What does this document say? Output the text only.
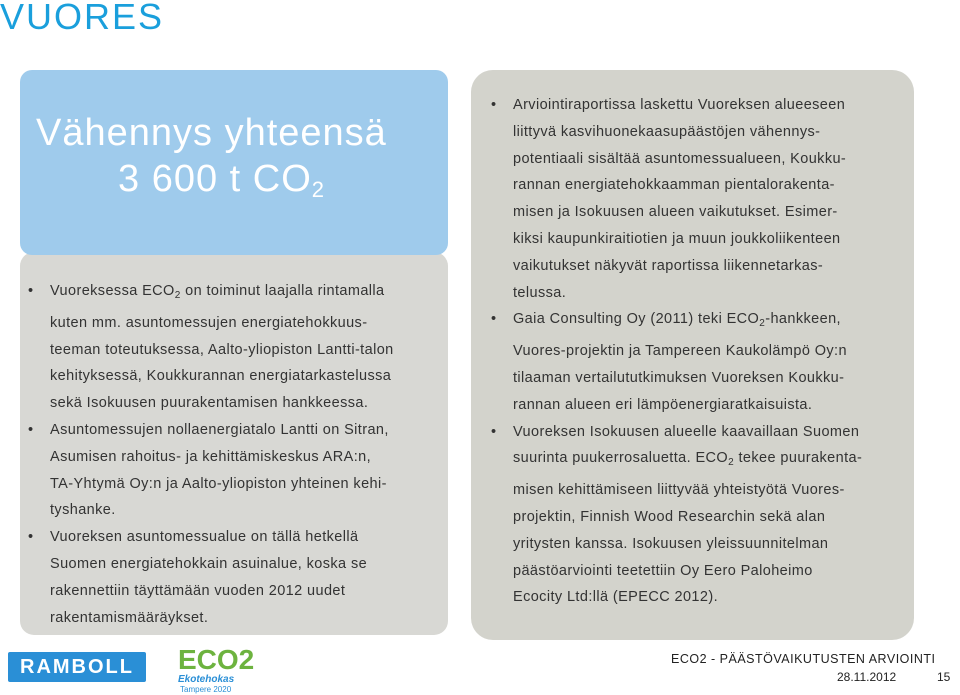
VUORES
Vähennys yhteensä
3 600 t $CO_2$
• Vuoreksessa $ECO_2$ on toiminut laajalla rintamalla
kuten mm. asuntomessujen energiatehokkuus-
teeman toteutuksessa, Aalto-yliopiston Lantti-talon
kehityksessä, Koukkurannan energiatarkastelussa
sekä Isokuusen puurakentamisen hankkeessa.
• Asuntomessujen nollaenergiatalo Lantti on Sitran,
Asumisen rahoitus- ja kehittämiskeskus ARA:n,
TA-Yhtymä Oy:n ja Aalto-yliopiston yhteinen kehi-
tyshanke.
• Vuoreksen asuntomessualue on tällä hetkellä
Suomen energiatehokkain asuinalue, koska se
rakennettiin täyttämään vuoden 2012 uudet
rakentamismääräykset.
• Arviointiraportissa laskettu Vuoreksen alueeseen
liittyvä kasvihuonekaasupäästöjen vähennys-
potentiaali sisältää asuntomessualueen, Koukku-
rannan energiatehokkaamman pientalorakenta-
misen ja Isokuusen alueen vaikutukset. Esimer-
kiksi kaupunkiraitiotien ja muun joukkoliikenteen
vaikutukset näkyvät raportissa liikennetarkas-
telussa.
• Gaia Consulting Oy (2011) teki $ECO_2$-hankkeen,
Vuores-projektin ja Tampereen Kaukolämpö Oy:n
tilaaman vertailututkimuksen Vuoreksen Koukku-
rannan alueen eri lämpöenergiaratkaisuista.
• Vuoreksen Isokuusen alueelle kaavaillaan Suomen
suurinta puukerrosaluetta. $ECO_2$ tekee puurakenta-
misen kehittämiseen liittyvää yhteistyötä Vuores-
projektin, Finnish Wood Researchin sekä alan
yritysten kanssa. Isokuusen yleissuunnitelman
päästöarviointi teetettiin Oy Eero Paloheimo
Ecocity Ltd:llä (EPECC 2012).
RAMBOLL	ECO2
Ekotehokas
Tampere 2020
ECO2 - PÄÄSTÖVAIKUTUSTEN ARVIOINTI
28.11.2012	15
